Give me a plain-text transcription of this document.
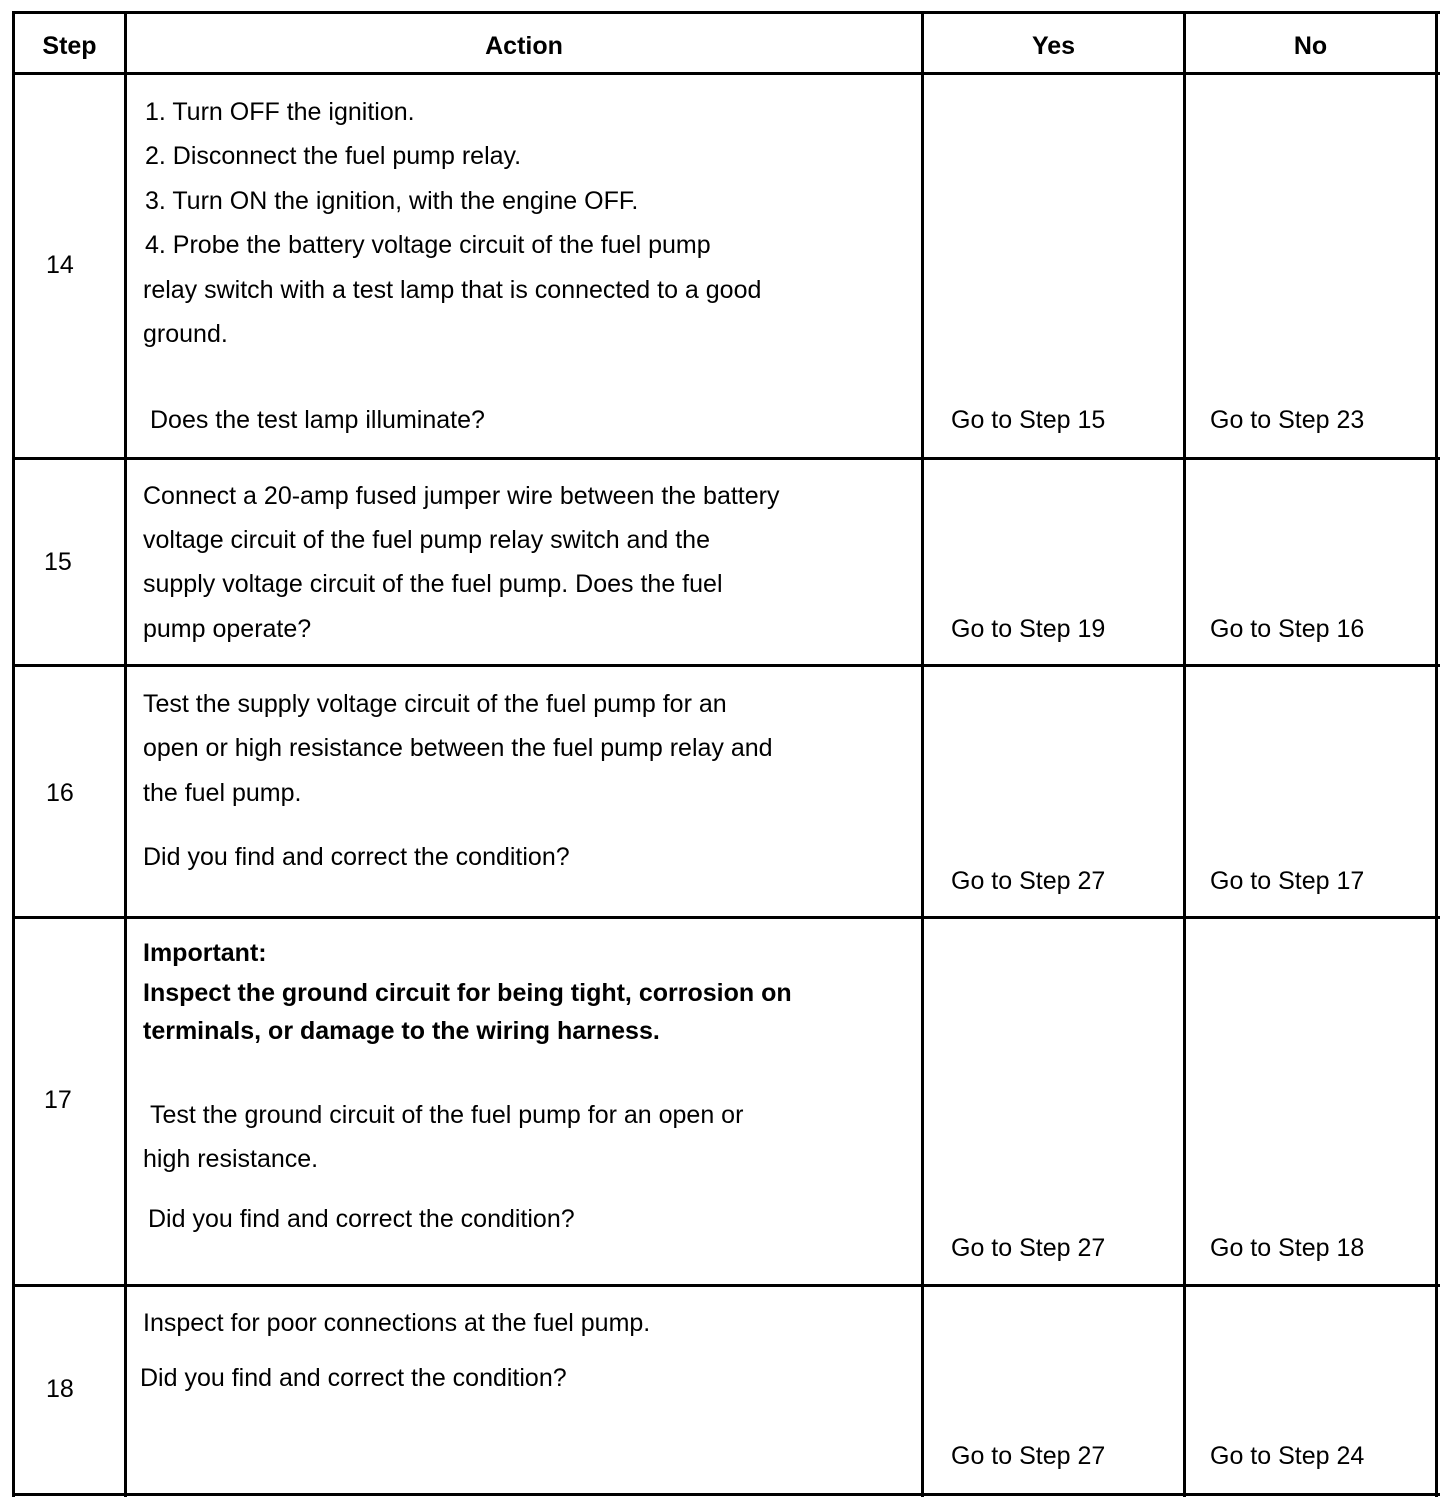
Step	Action	Yes	No
14
1. Turn OFF the ignition.
2. Disconnect the fuel pump relay.
3. Turn ON the ignition, with the engine OFF.
4. Probe the battery voltage circuit of the fuel pump
relay switch with a test lamp that is connected to a good
ground.
Does the test lamp illuminate?	Go to Step 15	Go to Step 23
15
Connect a 20-amp fused jumper wire between the battery
voltage circuit of the fuel pump relay switch and the
supply voltage circuit of the fuel pump. Does the fuel
pump operate?	Go to Step 19	Go to Step 16
16
Test the supply voltage circuit of the fuel pump for an
open or high resistance between the fuel pump relay and
the fuel pump.
Did you find and correct the condition?
Go to Step 27	Go to Step 17
17
Important:
Inspect the ground circuit for being tight, corrosion on
terminals, or damage to the wiring harness.
Test the ground circuit of the fuel pump for an open or
high resistance.
Did you find and correct the condition?
Go to Step 27	Go to Step 18
18
Inspect for poor connections at the fuel pump.
Did you find and correct the condition?
Go to Step 27	Go to Step 24
